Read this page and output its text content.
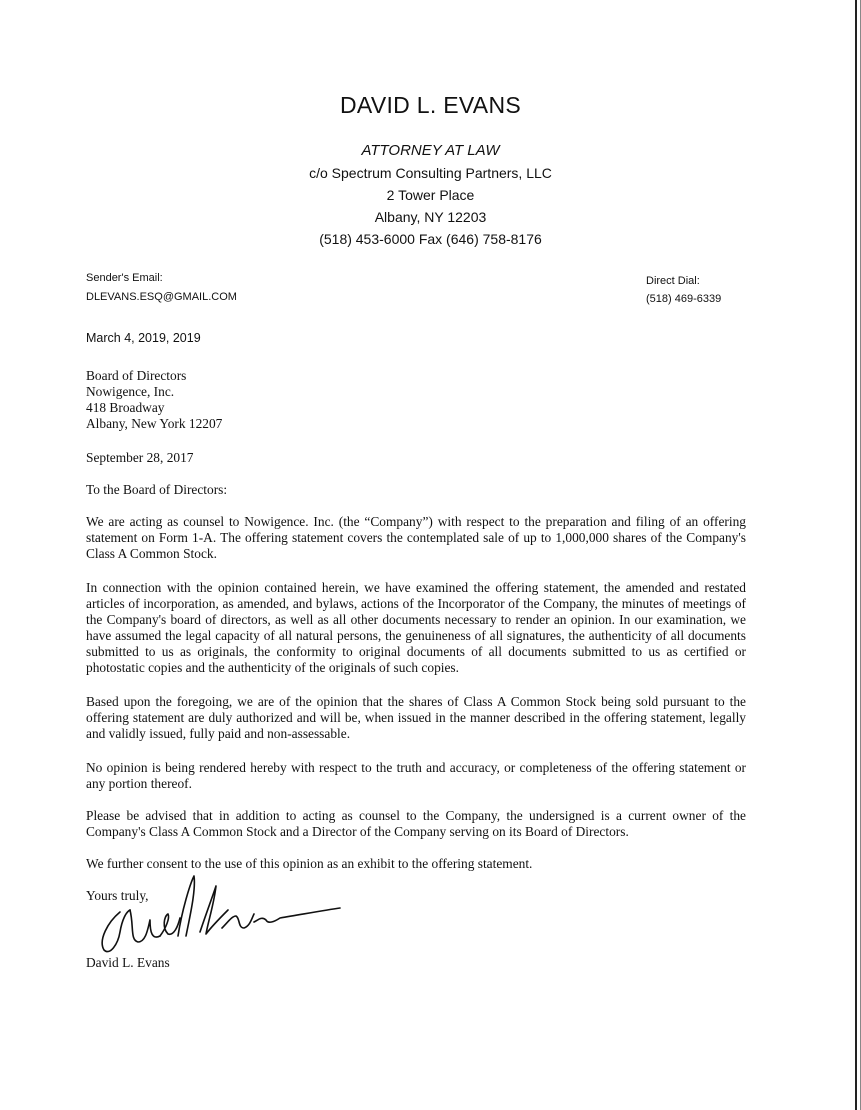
DAVID L. EVANS
ATTORNEY AT LAW
c/o Spectrum Consulting Partners, LLC
2 Tower Place
Albany, NY 12203
(518) 453-6000 Fax (646) 758-8176
Sender's Email:
DLEVANS.ESQ@GMAIL.COM
Direct Dial:
(518) 469-6339
March 4, 2019, 2019
Board of Directors
Nowigence, Inc.
418 Broadway
Albany, New York 12207
September 28, 2017
To the Board of Directors:

We are acting as counsel to Nowigence. Inc. (the “Company”) with respect to the preparation and filing of an offering statement on Form 1-A. The offering statement covers the contemplated sale of up to 1,000,000 shares of the Company's Class A Common Stock.

In connection with the opinion contained herein, we have examined the offering statement, the amended and restated articles of incorporation, as amended, and bylaws, actions of the Incorporator of the Company, the minutes of meetings of the Company's board of directors, as well as all other documents necessary to render an opinion. In our examination, we have assumed the legal capacity of all natural persons, the genuineness of all signatures, the authenticity of all documents submitted to us as originals, the conformity to original documents of all documents submitted to us as certified or photostatic copies and the authenticity of the originals of such copies.

Based upon the foregoing, we are of the opinion that the shares of Class A Common Stock being sold pursuant to the offering statement are duly authorized and will be, when issued in the manner described in the offering statement, legally and validly issued, fully paid and non-assessable.

No opinion is being rendered hereby with respect to the truth and accuracy, or completeness of the offering statement or any portion thereof.

Please be advised that in addition to acting as counsel to the Company, the undersigned is a current owner of the Company's Class A Common Stock and a Director of the Company serving on its Board of Directors.

We further consent to the use of this opinion as an exhibit to the offering statement.

Yours truly,
David L. Evans
